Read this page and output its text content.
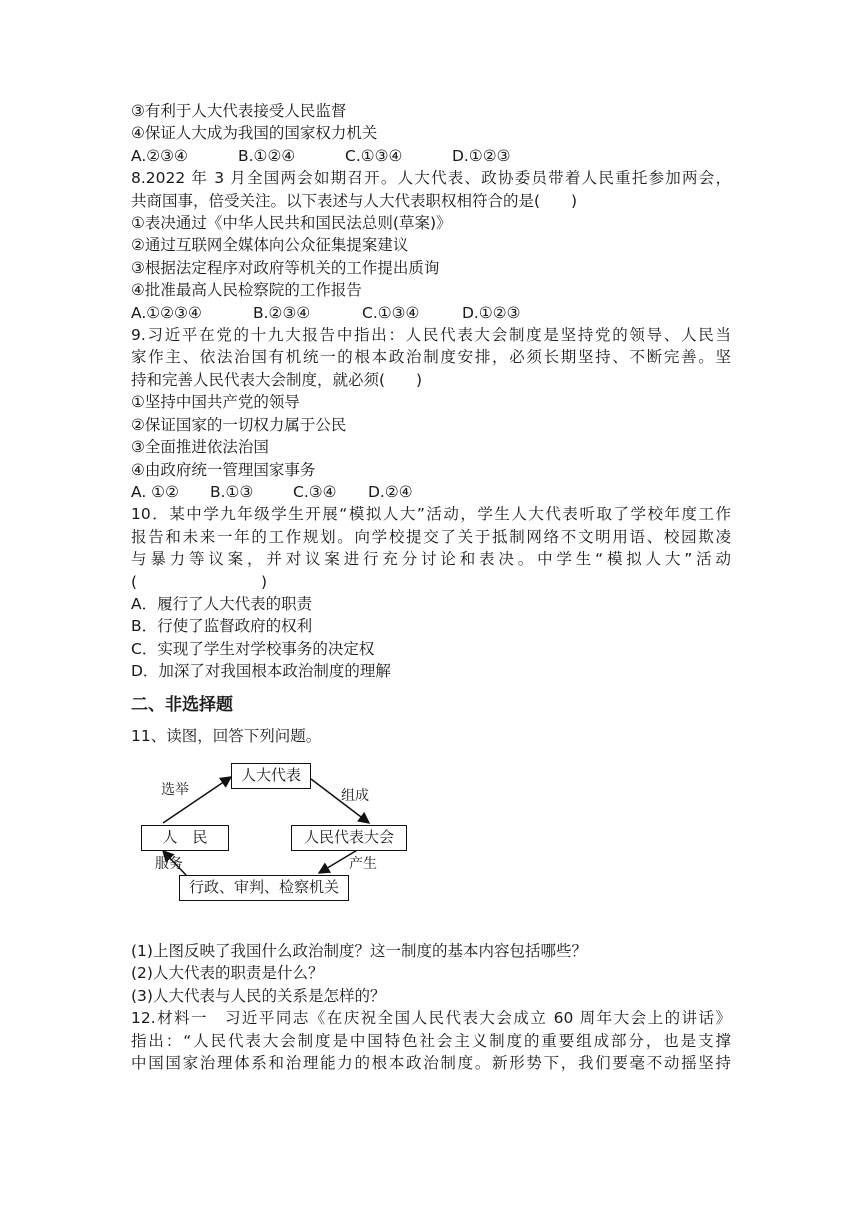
③有利于人大代表接受人民监督
④保证人大成为我国的国家权力机关
A.②③④	B.①②④	C.①③④	D.①②③
8.2022 年 3 月全国两会如期召开。人大代表、政协委员带着人民重托参加两会，
共商国事，倍受关注。以下表述与人大代表职权相符合的是(　　)
①表决通过《中华人民共和国民法总则(草案)》
②通过互联网全媒体向公众征集提案建议
③根据法定程序对政府等机关的工作提出质询
④批准最高人民检察院的工作报告
A.①②③④	B.②③④	C.①③④	D.①②③
9.习近平在党的十九大报告中指出：人民代表大会制度是坚持党的领导、人民当
家作主、依法治国有机统一的根本政治制度安排，必须长期坚持、不断完善。坚
持和完善人民代表大会制度，就必须(　　)
①坚持中国共产党的领导
②保证国家的一切权力属于公民
③全面推进依法治国
④由政府统一管理国家事务
A. ①② B.①③	C.③④ D.②④
10．某中学九年级学生开展“模拟人大”活动，学生人大代表听取了学校年度工作
报告和未来一年的工作规划。向学校提交了关于抵制网络不文明用语、校园欺凌
与暴力等议案，并对议案进行充分讨论和表决。中学生“模拟人大”活动
(　　　　　　　　)
A．履行了人大代表的职责
B．行使了监督政府的权利
C．实现了学生对学校事务的决定权
D．加深了对我国根本政治制度的理解
二、非选择题
11、读图，回答下列问题。
人大代表
人　民	人民代表大会
行政、审判、检察机关
选举	组成
服务	产生
(1)上图反映了我国什么政治制度？这一制度的基本内容包括哪些？
(2)人大代表的职责是什么？
(3)人大代表与人民的关系是怎样的？
12.材料一　习近平同志《在庆祝全国人民代表大会成立 60 周年大会上的讲话》
指出：“人民代表大会制度是中国特色社会主义制度的重要组成部分，也是支撑
中国国家治理体系和治理能力的根本政治制度。新形势下，我们要毫不动摇坚持
